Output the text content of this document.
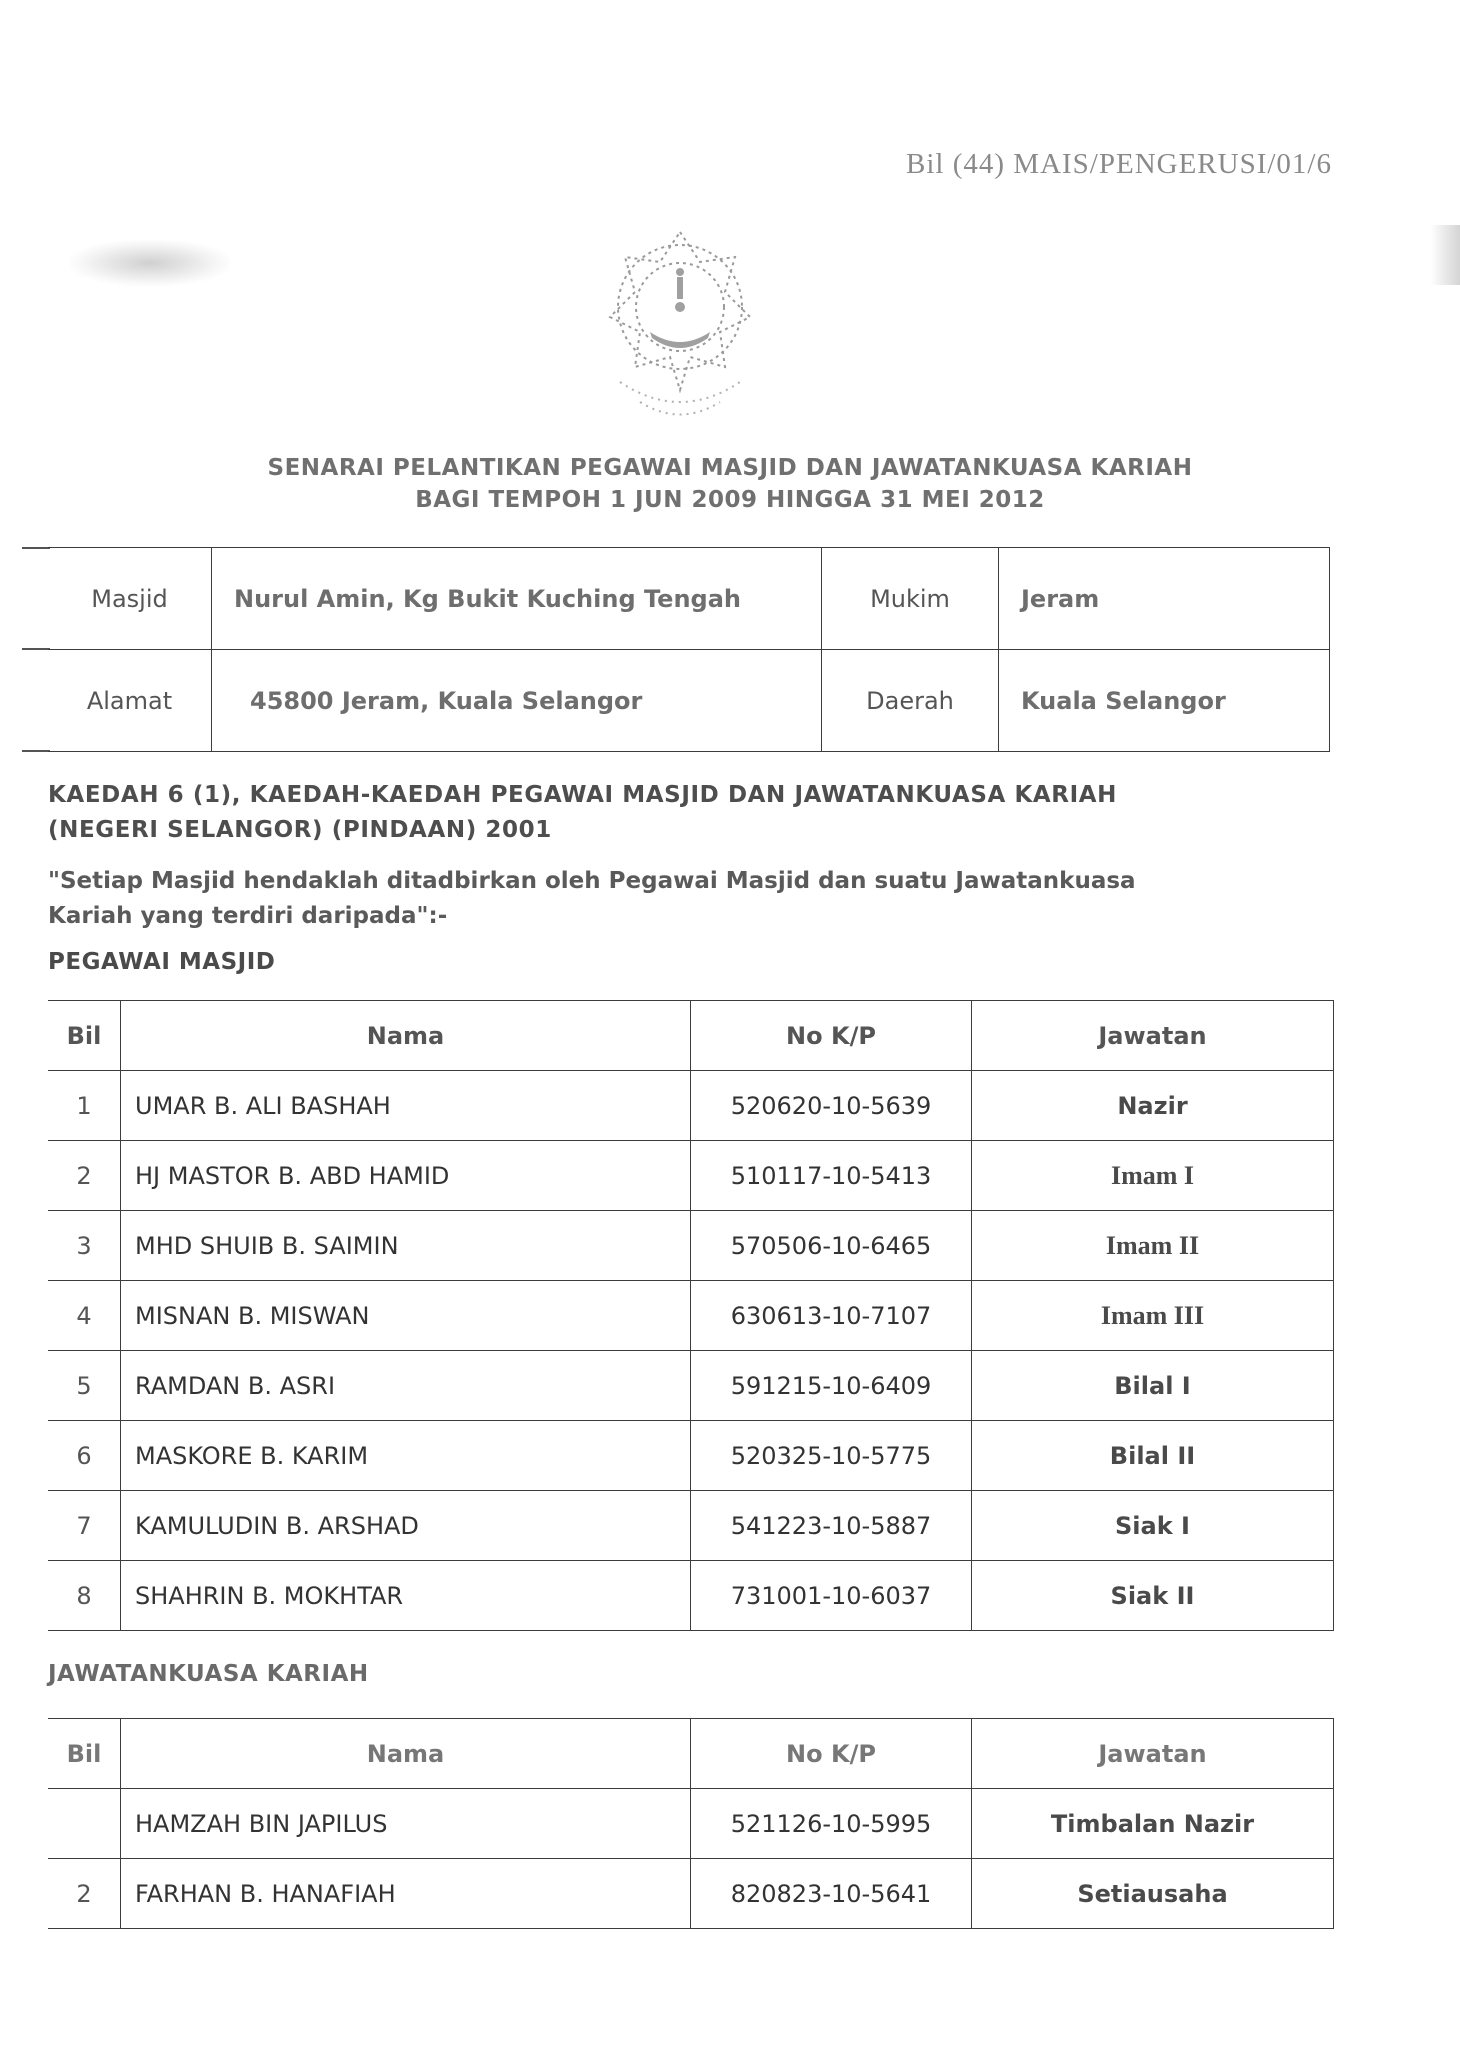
Bil (44) MAIS/PENGERUSI/01/6
SENARAI PELANTIKAN PEGAWAI MASJID DAN JAWATANKUASA KARIAH
BAGI TEMPOH 1 JUN 2009 HINGGA 31 MEI 2012
Masjid	Nurul Amin, Kg Bukit Kuching Tengah	Mukim	Jeram
Alamat	45800 Jeram, Kuala Selangor	Daerah	Kuala Selangor
KAEDAH 6 (1), KAEDAH-KAEDAH PEGAWAI MASJID DAN JAWATANKUASA KARIAH
(NEGERI SELANGOR) (PINDAAN) 2001
"Setiap Masjid hendaklah ditadbirkan oleh Pegawai Masjid dan suatu Jawatankuasa
Kariah yang terdiri daripada":-
PEGAWAI MASJID
Bil	Nama	No K/P	Jawatan
1	UMAR B. ALI BASHAH	520620-10-5639	Nazir
2	HJ MASTOR B. ABD HAMID	510117-10-5413	Imam I
3	MHD SHUIB B. SAIMIN	570506-10-6465	Imam II
4	MISNAN B. MISWAN	630613-10-7107	Imam III
5	RAMDAN B. ASRI	591215-10-6409	Bilal I
6	MASKORE B. KARIM	520325-10-5775	Bilal II
7	KAMULUDIN B. ARSHAD	541223-10-5887	Siak I
8	SHAHRIN B. MOKHTAR	731001-10-6037	Siak II
JAWATANKUASA KARIAH
Bil	Nama	No K/P	Jawatan
	HAMZAH BIN JAPILUS	521126-10-5995	Timbalan Nazir
2	FARHAN B. HANAFIAH	820823-10-5641	Setiausaha
